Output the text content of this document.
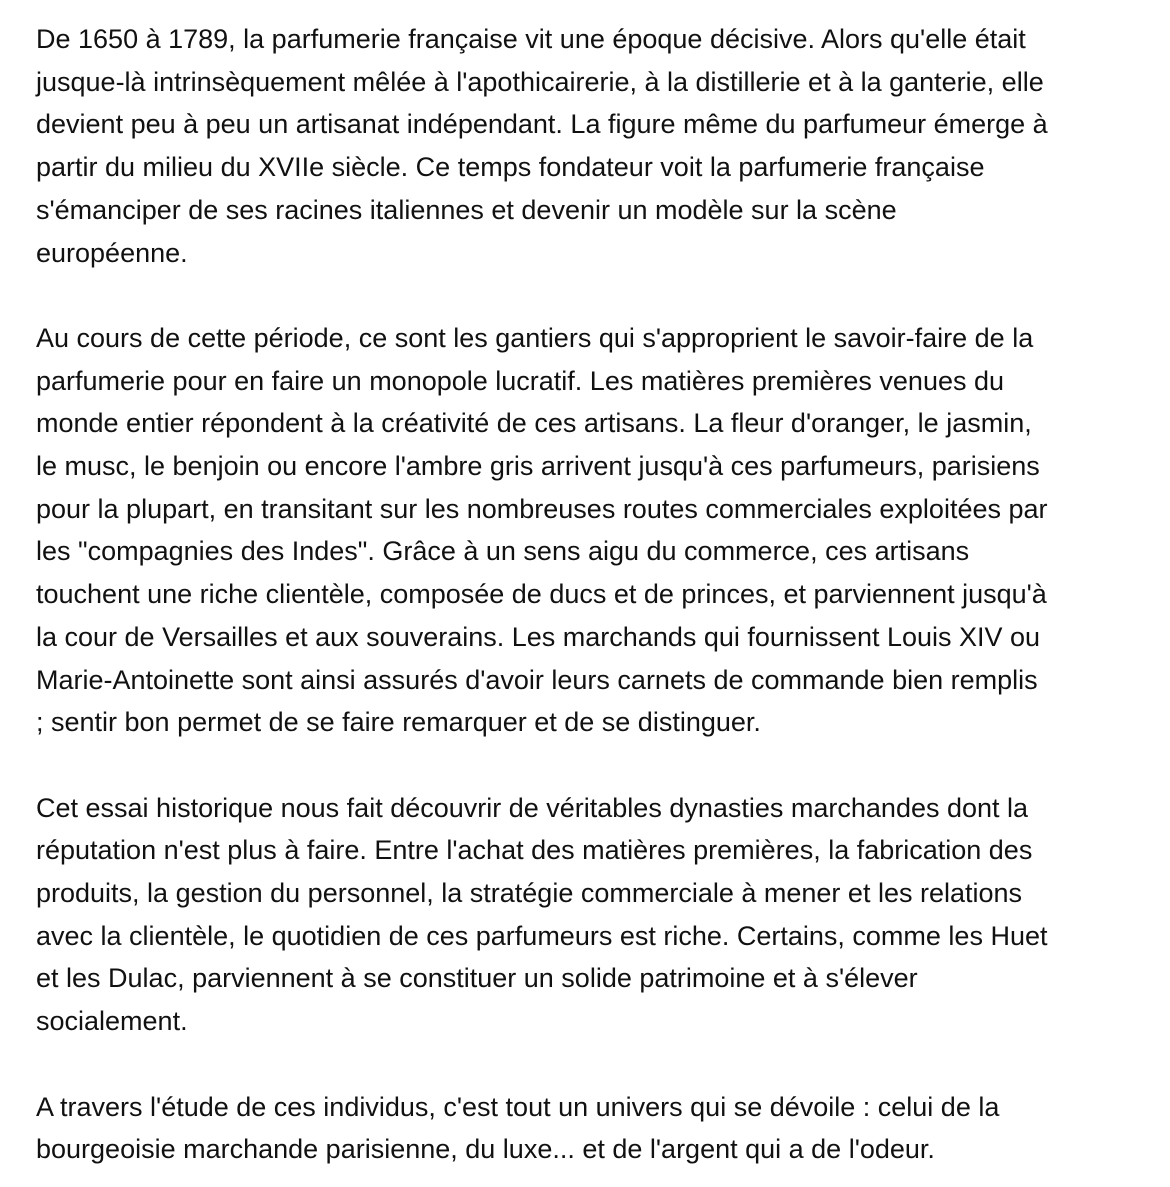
De 1650 à 1789, la parfumerie française vit une époque décisive. Alors qu'elle était
jusque-là intrinsèquement mêlée à l'apothicairerie, à la distillerie et à la ganterie, elle
devient peu à peu un artisanat indépendant. La figure même du parfumeur émerge à
partir du milieu du XVIIe siècle. Ce temps fondateur voit la parfumerie française
s'émanciper de ses racines italiennes et devenir un modèle sur la scène
européenne.

Au cours de cette période, ce sont les gantiers qui s'approprient le savoir-faire de la
parfumerie pour en faire un monopole lucratif. Les matières premières venues du
monde entier répondent à la créativité de ces artisans. La fleur d'oranger, le jasmin,
le musc, le benjoin ou encore l'ambre gris arrivent jusqu'à ces parfumeurs, parisiens
pour la plupart, en transitant sur les nombreuses routes commerciales exploitées par
les "compagnies des Indes". Grâce à un sens aigu du commerce, ces artisans
touchent une riche clientèle, composée de ducs et de princes, et parviennent jusqu'à
la cour de Versailles et aux souverains. Les marchands qui fournissent Louis XIV ou
Marie-Antoinette sont ainsi assurés d'avoir leurs carnets de commande bien remplis
; sentir bon permet de se faire remarquer et de se distinguer.

Cet essai historique nous fait découvrir de véritables dynasties marchandes dont la
réputation n'est plus à faire. Entre l'achat des matières premières, la fabrication des
produits, la gestion du personnel, la stratégie commerciale à mener et les relations
avec la clientèle, le quotidien de ces parfumeurs est riche. Certains, comme les Huet
et les Dulac, parviennent à se constituer un solide patrimoine et à s'élever
socialement.

A travers l'étude de ces individus, c'est tout un univers qui se dévoile : celui de la
bourgeoisie marchande parisienne, du luxe... et de l'argent qui a de l'odeur.
